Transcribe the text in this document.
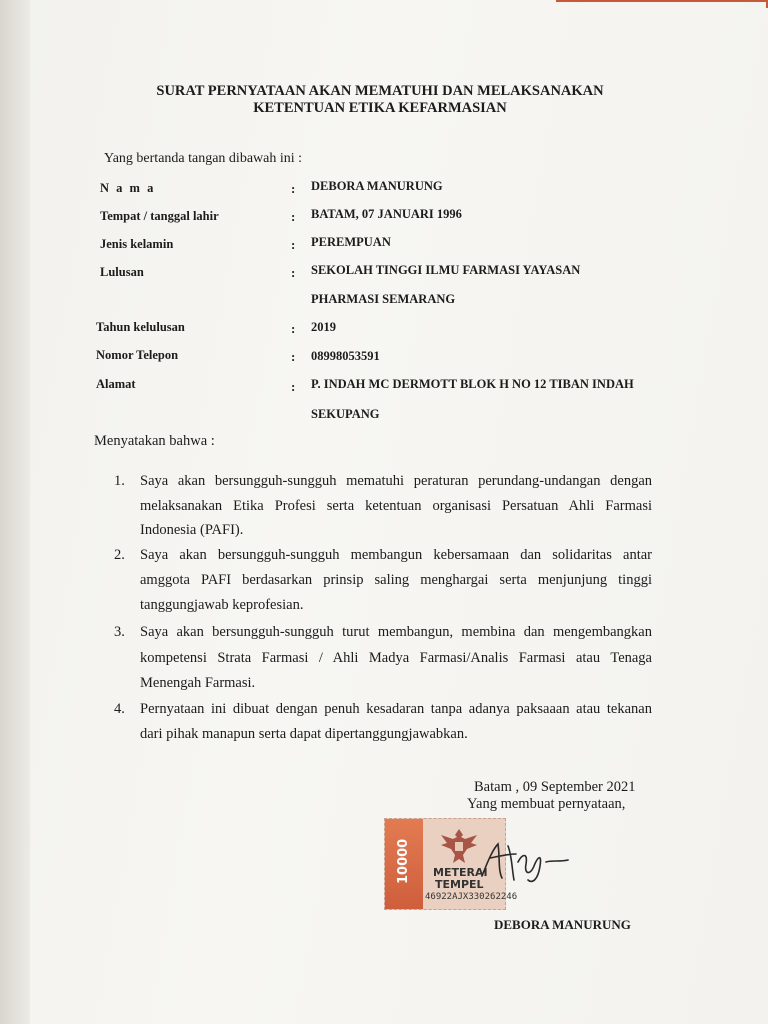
SURAT PERNYATAAN AKAN MEMATUHI DAN MELAKSANAKAN
KETENTUAN ETIKA KEFARMASIAN
Yang bertanda tangan dibawah ini :
N a m a	: DEBORA MANURUNG
Tempat / tanggal lahir	: BATAM, 07 JANUARI 1996
Jenis kelamin	: PEREMPUAN
Lulusan	: SEKOLAH TINGGI ILMU FARMASI YAYASAN
PHARMASI SEMARANG
Tahun kelulusan	: 2019
Nomor Telepon	: 08998053591
Alamat	: P. INDAH MC DERMOTT BLOK H NO 12 TIBAN INDAH
SEKUPANG
Menyatakan bahwa :
1. Saya akan bersungguh-sungguh mematuhi peraturan perundang-undangan dengan
melaksanakan Etika Profesi serta ketentuan organisasi Persatuan Ahli Farmasi
Indonesia (PAFI).
2. Saya akan bersungguh-sungguh membangun kebersamaan dan solidaritas antar
amggota PAFI berdasarkan prinsip saling menghargai serta menjunjung tinggi
tanggungjawab keprofesian.
3. Saya akan bersungguh-sungguh turut membangun, membina dan mengembangkan
kompetensi Strata Farmasi / Ahli Madya Farmasi/Analis Farmasi atau Tenaga
Menengah Farmasi.
4. Pernyataan ini dibuat dengan penuh kesadaran tanpa adanya paksaaan atau tekanan
dari pihak manapun serta dapat dipertanggungjawabkan.
Batam , 09 September 2021
Yang membuat pernyataan,
10000	METERAI
TEMPEL
46922AJX330262246
DEBORA MANURUNG
